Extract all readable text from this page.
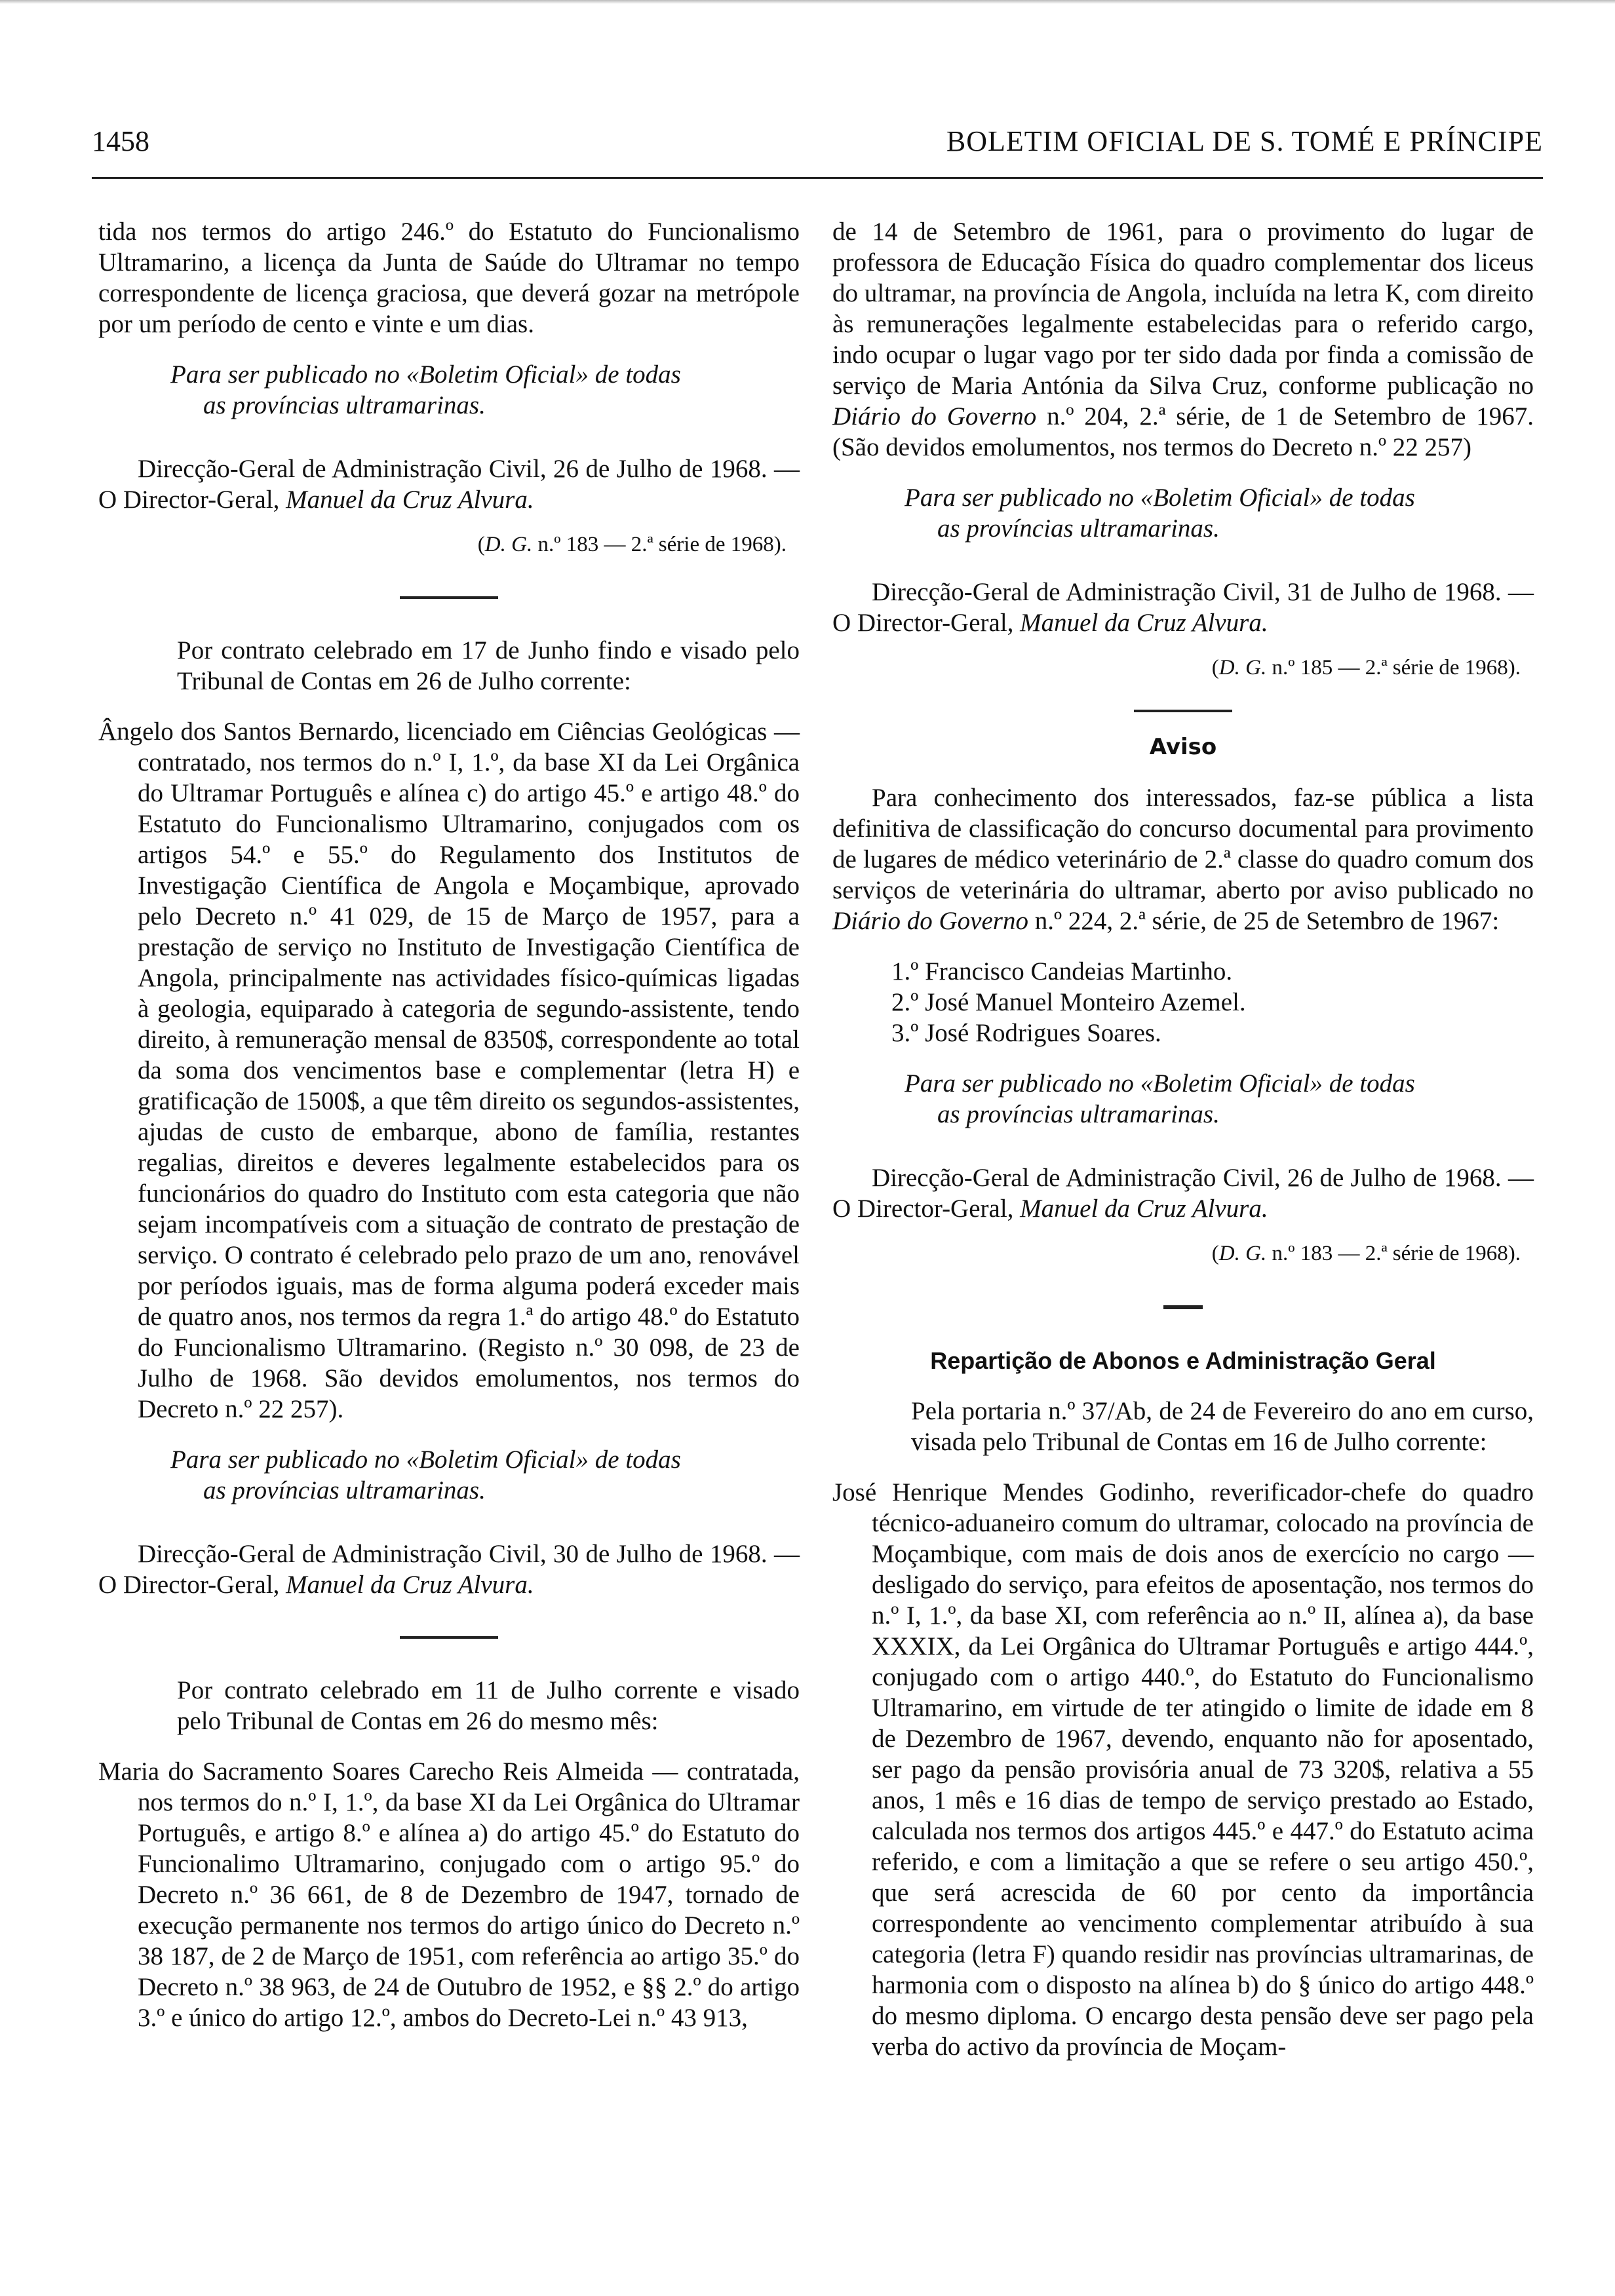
1458	BOLETIM OFICIAL DE S. TOMÉ E PRÍNCIPE

tida nos termos do artigo 246.º do Estatuto do Funcionalismo Ultramarino, a licença da Junta de Saúde do Ultramar no tempo correspondente de licença graciosa, que deverá gozar na metrópole por um período de cento e vinte e um dias.

Para ser publicado no «Boletim Oficial» de todas
as províncias ultramarinas.

Direcção-Geral de Administração Civil, 26 de Julho de 1968. — O Director-Geral, Manuel da Cruz Alvura.

(D. G. n.º 183 — 2.ª série de 1968).

Por contrato celebrado em 17 de Junho findo e visado pelo Tribunal de Contas em 26 de Julho corrente:

Ângelo dos Santos Bernardo, licenciado em Ciências Geológicas — contratado, nos termos do n.º I, 1.º, da base XI da Lei Orgânica do Ultramar Português e alínea c) do artigo 45.º e artigo 48.º do Estatuto do Funcionalismo Ultramarino, conjugados com os artigos 54.º e 55.º do Regulamento dos Institutos de Investigação Científica de Angola e Moçambique, aprovado pelo Decreto n.º 41 029, de 15 de Março de 1957, para a prestação de serviço no Instituto de Investigação Científica de Angola, principalmente nas actividades físico-químicas ligadas à geologia, equiparado à categoria de segundo-assistente, tendo direito, à remuneração mensal de 8350$, correspondente ao total da soma dos vencimentos base e complementar (letra H) e gratificação de 1500$, a que têm direito os segundos-assistentes, ajudas de custo de embarque, abono de família, restantes regalias, direitos e deveres legalmente estabelecidos para os funcionários do quadro do Instituto com esta categoria que não sejam incompatíveis com a situação de contrato de prestação de serviço. O contrato é celebrado pelo prazo de um ano, renovável por períodos iguais, mas de forma alguma poderá exceder mais de quatro anos, nos termos da regra 1.ª do artigo 48.º do Estatuto do Funcionalismo Ultramarino. (Registo n.º 30 098, de 23 de Julho de 1968. São devidos emolumentos, nos termos do Decreto n.º 22 257).

Para ser publicado no «Boletim Oficial» de todas
as províncias ultramarinas.

Direcção-Geral de Administração Civil, 30 de Julho de 1968. — O Director-Geral, Manuel da Cruz Alvura.

Por contrato celebrado em 11 de Julho corrente e visado pelo Tribunal de Contas em 26 do mesmo mês:

Maria do Sacramento Soares Carecho Reis Almeida — contratada, nos termos do n.º I, 1.º, da base XI da Lei Orgânica do Ultramar Português, e artigo 8.º e alínea a) do artigo 45.º do Estatuto do Funcionalimo Ultramarino, conjugado com o artigo 95.º do Decreto n.º 36 661, de 8 de Dezembro de 1947, tornado de execução permanente nos termos do artigo único do Decreto n.º 38 187, de 2 de Março de 1951, com referência ao artigo 35.º do Decreto n.º 38 963, de 24 de Outubro de 1952, e §§ 2.º do artigo 3.º e único do artigo 12.º, ambos do Decreto-Lei n.º 43 913,

de 14 de Setembro de 1961, para o provimento do lugar de professora de Educação Física do quadro complementar dos liceus do ultramar, na província de Angola, incluída na letra K, com direito às remunerações legalmente estabelecidas para o referido cargo, indo ocupar o lugar vago por ter sido dada por finda a comissão de serviço de Maria Antónia da Silva Cruz, conforme publicação no Diário do Governo n.º 204, 2.ª série, de 1 de Setembro de 1967. (São devidos emolumentos, nos termos do Decreto n.º 22 257)

Para ser publicado no «Boletim Oficial» de todas
as províncias ultramarinas.

Direcção-Geral de Administração Civil, 31 de Julho de 1968. — O Director-Geral, Manuel da Cruz Alvura.

(D. G. n.º 185 — 2.ª série de 1968).

Aviso

Para conhecimento dos interessados, faz-se pública a lista definitiva de classificação do concurso documental para provimento de lugares de médico veterinário de 2.ª classe do quadro comum dos serviços de veterinária do ultramar, aberto por aviso publicado no Diário do Governo n.º 224, 2.ª série, de 25 de Setembro de 1967:

1.º Francisco Candeias Martinho.

2.º José Manuel Monteiro Azemel.

3.º José Rodrigues Soares.

Para ser publicado no «Boletim Oficial» de todas
as províncias ultramarinas.

Direcção-Geral de Administração Civil, 26 de Julho de 1968. — O Director-Geral, Manuel da Cruz Alvura.

(D. G. n.º 183 — 2.ª série de 1968).

Repartição de Abonos e Administração Geral

Pela portaria n.º 37/Ab, de 24 de Fevereiro do ano em curso, visada pelo Tribunal de Contas em 16 de Julho corrente:

José Henrique Mendes Godinho, reverificador-chefe do quadro técnico-aduaneiro comum do ultramar, colocado na província de Moçambique, com mais de dois anos de exercício no cargo — desligado do serviço, para efeitos de aposentação, nos termos do n.º I, 1.º, da base XI, com referência ao n.º II, alínea a), da base XXXIX, da Lei Orgânica do Ultramar Português e artigo 444.º, conjugado com o artigo 440.º, do Estatuto do Funcionalismo Ultramarino, em virtude de ter atingido o limite de idade em 8 de Dezembro de 1967, devendo, enquanto não for aposentado, ser pago da pensão provisória anual de 73 320$, relativa a 55 anos, 1 mês e 16 dias de tempo de serviço prestado ao Estado, calculada nos termos dos artigos 445.º e 447.º do Estatuto acima referido, e com a limitação a que se refere o seu artigo 450.º, que será acrescida de 60 por cento da importância correspondente ao vencimento complementar atribuído à sua categoria (letra F) quando residir nas províncias ultramarinas, de harmonia com o disposto na alínea b) do § único do artigo 448.º do mesmo diploma. O encargo desta pensão deve ser pago pela verba do activo da província de Moçam-
